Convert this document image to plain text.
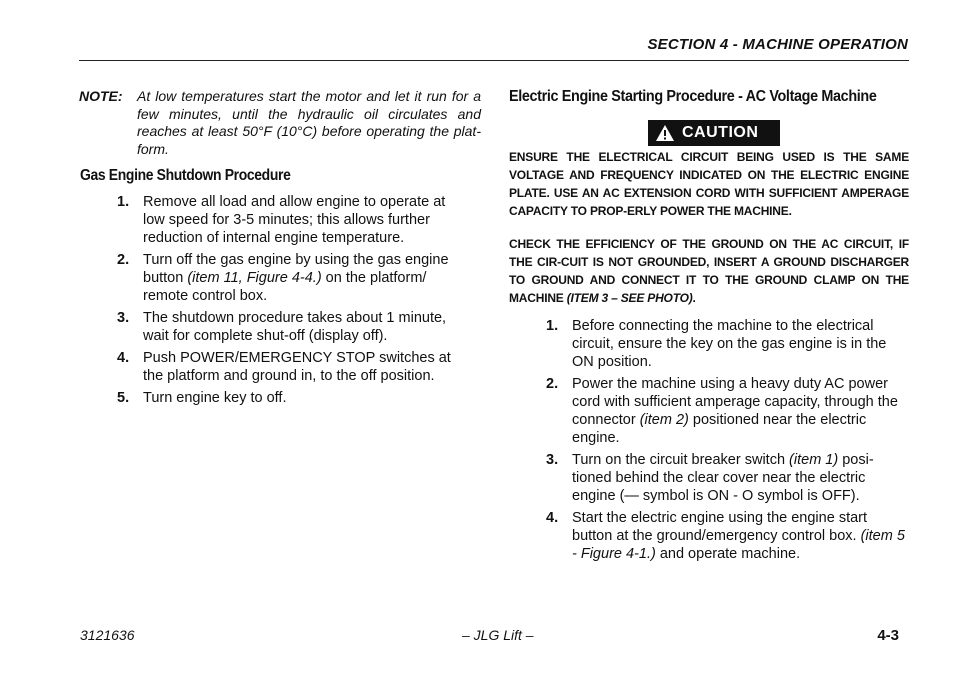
SECTION 4 - MACHINE OPERATION
NOTE: At low temperatures start the motor and let it run for a few minutes, until the hydraulic oil circulates and reaches at least 50°F (10°C) before operating the plat-form.
Gas Engine Shutdown Procedure
1. Remove all load and allow engine to operate at low speed for 3-5 minutes; this allows further reduction of internal engine temperature.
2. Turn off the gas engine by using the gas engine button (item 11, Figure 4-4.) on the platform/ remote control box.
3. The shutdown procedure takes about 1 minute, wait for complete shut-off (display off).
4. Push POWER/EMERGENCY STOP switches at the platform and ground in, to the off position.
5. Turn engine key to off.
Electric Engine Starting Procedure - AC Voltage Machine
CAUTION
ENSURE THE ELECTRICAL CIRCUIT BEING USED IS THE SAME VOLTAGE AND FREQUENCY INDICATED ON THE ELECTRIC ENGINE PLATE. USE AN AC EXTENSION CORD WITH SUFFICIENT AMPERAGE CAPACITY TO PROP-ERLY POWER THE MACHINE.
CHECK THE EFFICIENCY OF THE GROUND ON THE AC CIRCUIT, IF THE CIR-CUIT IS NOT GROUNDED, INSERT A GROUND DISCHARGER TO GROUND AND CONNECT IT TO THE GROUND CLAMP ON THE MACHINE (ITEM 3 – SEE PHOTO).
1. Before connecting the machine to the electrical circuit, ensure the key on the gas engine is in the ON position.
2. Power the machine using a heavy duty AC power cord with sufficient amperage capacity, through the connector (item 2) positioned near the electric engine.
3. Turn on the circuit breaker switch (item 1) posi-tioned behind the clear cover near the electric engine (— symbol is ON - O symbol is OFF).
4. Start the electric engine using the engine start button at the ground/emergency control box. (item 5 - Figure 4-1.) and operate machine.
3121636	– JLG Lift –	4-3
